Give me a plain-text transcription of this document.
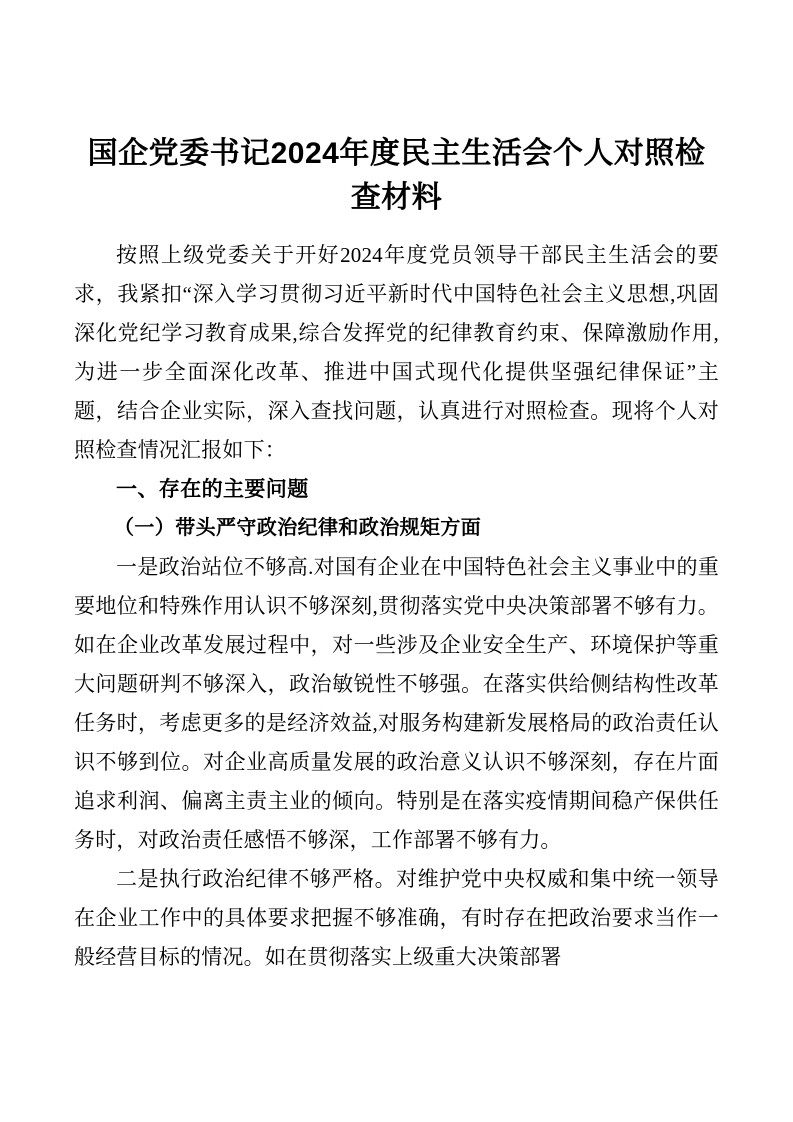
国企党委书记2024年度民主生活会个人对照检查材料

按照上级党委关于开好2024年度党员领导干部民主生活会的要求，我紧扣“深入学习贯彻习近平新时代中国特色社会主义思想,巩固深化党纪学习教育成果,综合发挥党的纪律教育约束、保障激励作用,为进一步全面深化改革、推进中国式现代化提供坚强纪律保证”主题，结合企业实际，深入查找问题，认真进行对照检查。现将个人对照检查情况汇报如下：

一、存在的主要问题

（一）带头严守政治纪律和政治规矩方面

一是政治站位不够高.对国有企业在中国特色社会主义事业中的重要地位和特殊作用认识不够深刻,贯彻落实党中央决策部署不够有力。如在企业改革发展过程中，对一些涉及企业安全生产、环境保护等重大问题研判不够深入，政治敏锐性不够强。在落实供给侧结构性改革任务时，考虑更多的是经济效益,对服务构建新发展格局的政治责任认识不够到位。对企业高质量发展的政治意义认识不够深刻，存在片面追求利润、偏离主责主业的倾向。特别是在落实疫情期间稳产保供任务时，对政治责任感悟不够深，工作部署不够有力。

二是执行政治纪律不够严格。对维护党中央权威和集中统一领导在企业工作中的具体要求把握不够准确，有时存在把政治要求当作一般经营目标的情况。如在贯彻落实上级重大决策部署
